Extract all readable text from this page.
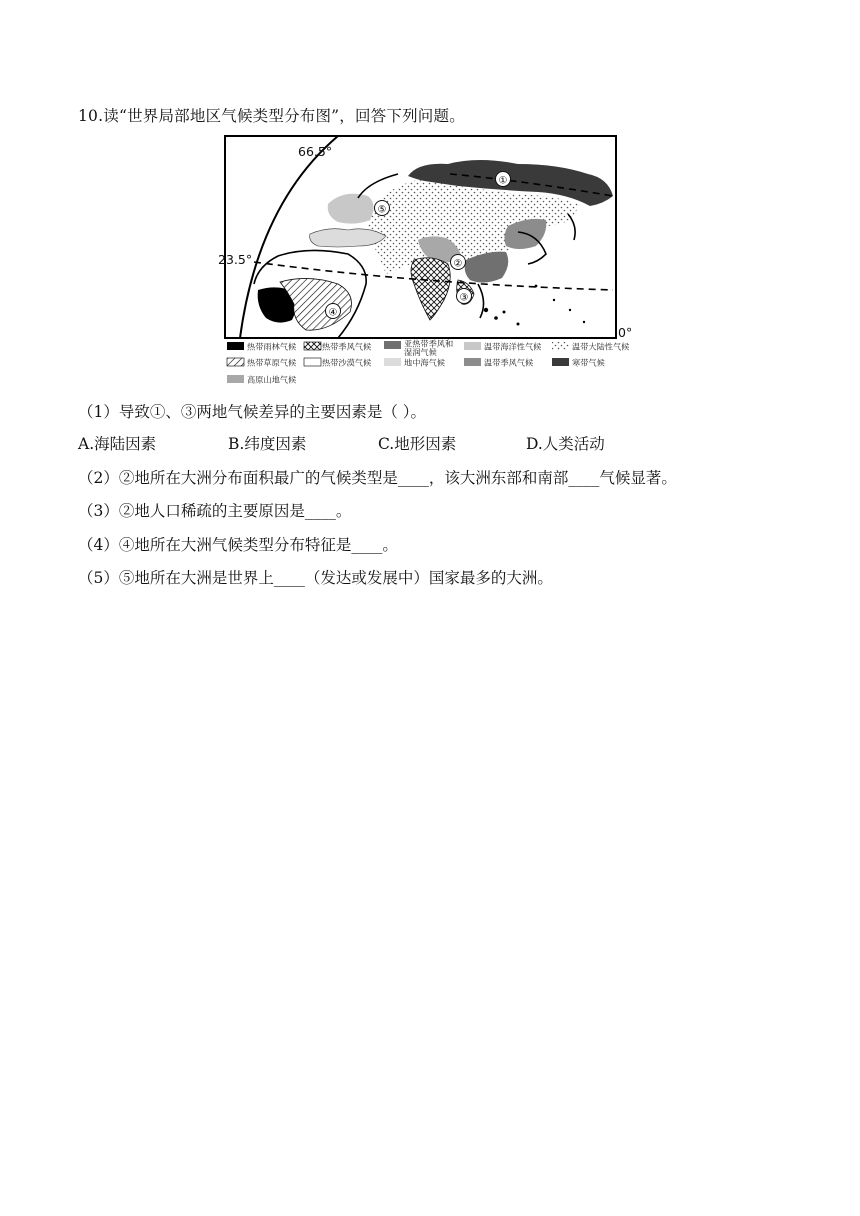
10.读“世界局部地区气候类型分布图”，回答下列问题。
66.5°
23.5°
0°
①
②
③
④
⑤
热带雨林气候	热带季风气候	亚热带季风和
湿润气候
温带海洋性气候	温带大陆性气候
热带草原气候	热带沙漠气候	地中海气候	温带季风气候	寒带气候
高原山地气候
（1）导致①、③两地气候差异的主要因素是（ ）。
A.海陆因素	B.纬度因素	C.地形因素	D.人类活动
（2）②地所在大洲分布面积最广的气候类型是____，该大洲东部和南部____气候显著。
（3）②地人口稀疏的主要原因是____。
（4）④地所在大洲气候类型分布特征是____。
（5）⑤地所在大洲是世界上____（发达或发展中）国家最多的大洲。
